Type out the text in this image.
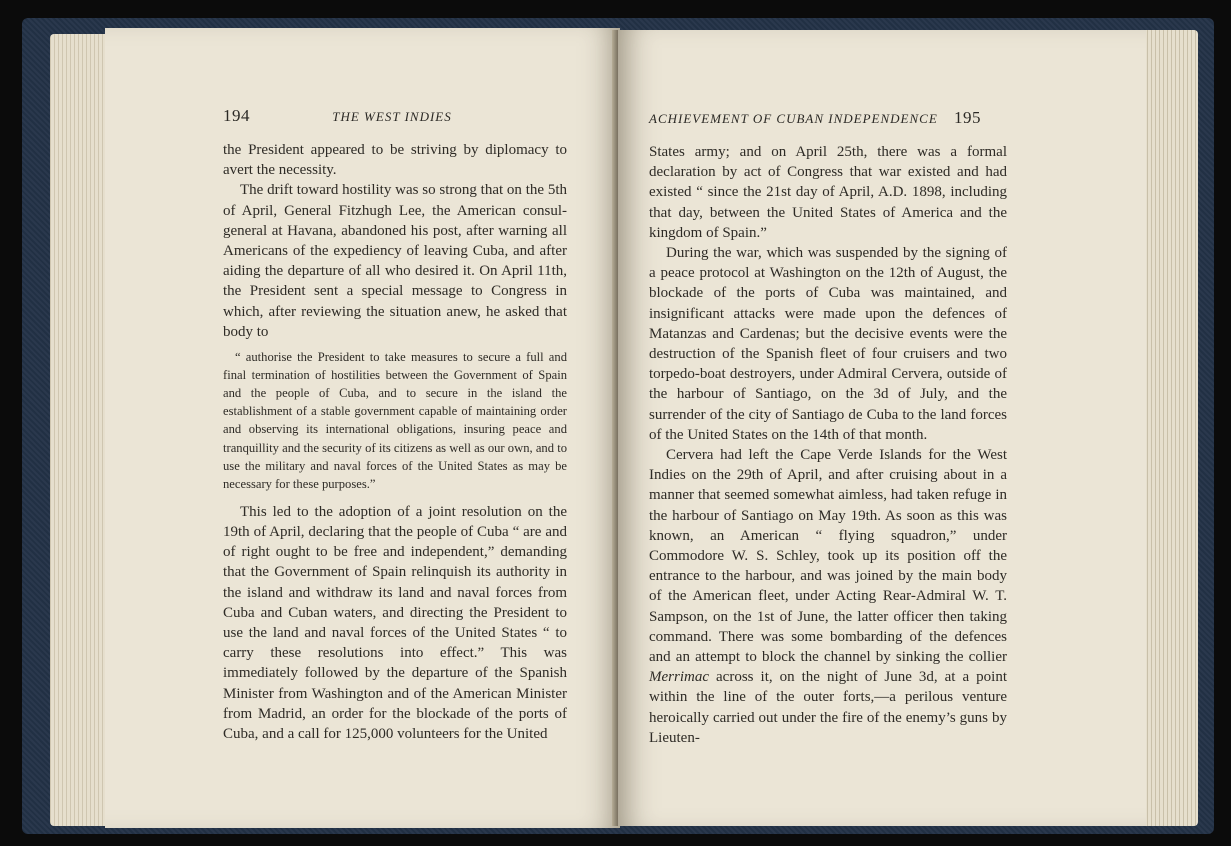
194	THE WEST INDIES

the President appeared to be striving by diplomacy to avert the necessity.

The drift toward hostility was so strong that on the 5th of April, General Fitzhugh Lee, the American consul-general at Havana, abandoned his post, after warning all Americans of the expediency of leaving Cuba, and after aiding the departure of all who desired it. On April 11th, the President sent a special message to Congress in which, after reviewing the situation anew, he asked that body to

“ authorise the President to take measures to secure a full and final termination of hostilities between the Government of Spain and the people of Cuba, and to secure in the island the establishment of a stable government capable of maintaining order and observing its international obligations, insuring peace and tranquillity and the security of its citizens as well as our own, and to use the military and naval forces of the United States as may be necessary for these purposes.”

This led to the adoption of a joint resolution on the 19th of April, declaring that the people of Cuba “ are and of right ought to be free and independent,” demanding that the Government of Spain relinquish its authority in the island and withdraw its land and naval forces from Cuba and Cuban waters, and directing the President to use the land and naval forces of the United States “ to carry these resolutions into effect.” This was immediately followed by the departure of the Spanish Minister from Washington and of the American Minister from Madrid, an order for the blockade of the ports of Cuba, and a call for 125,000 volunteers for the United

ACHIEVEMENT OF CUBAN INDEPENDENCE 195

States army; and on April 25th, there was a formal declaration by act of Congress that war existed and had existed “ since the 21st day of April, A.D. 1898, including that day, between the United States of America and the kingdom of Spain.”

During the war, which was suspended by the signing of a peace protocol at Washington on the 12th of August, the blockade of the ports of Cuba was maintained, and insignificant attacks were made upon the defences of Matanzas and Cardenas; but the decisive events were the destruction of the Spanish fleet of four cruisers and two torpedo-boat destroyers, under Admiral Cervera, outside of the harbour of Santiago, on the 3d of July, and the surrender of the city of Santiago de Cuba to the land forces of the United States on the 14th of that month.

Cervera had left the Cape Verde Islands for the West Indies on the 29th of April, and after cruising about in a manner that seemed somewhat aimless, had taken refuge in the harbour of Santiago on May 19th. As soon as this was known, an American “ flying squadron,” under Commodore W. S. Schley, took up its position off the entrance to the harbour, and was joined by the main body of the American fleet, under Acting Rear-Admiral W. T. Sampson, on the 1st of June, the latter officer then taking command. There was some bombarding of the defences and an attempt to block the channel by sinking the collier Merrimac across it, on the night of June 3d, at a point within the line of the outer forts,—a perilous venture heroically carried out under the fire of the enemy’s guns by Lieuten-
